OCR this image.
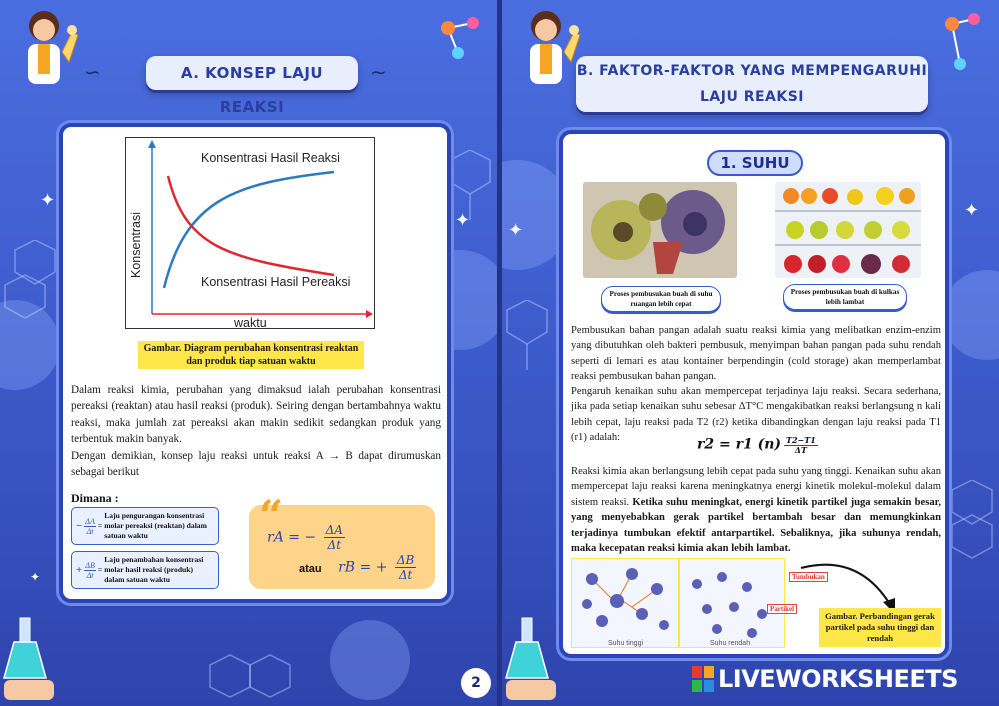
✦
✦
✦
∽	A. KONSEP LAJU REAKSI
∼
Konsentrasi Hasil Reaksi
Konsentrasi Hasil Pereaksi
Konsentrasi
waktu
Gambar. Diagram perubahan konsentrasi reaktan dan produk tiap satuan waktu
Dalam reaksi kimia, perubahan yang dimaksud ialah perubahan konsentrasi pereaksi (reaktan) atau hasil reaksi (produk). Seiring dengan bertambahnya waktu reaksi, maka jumlah zat pereaksi akan makin sedikit sedangkan produk yang terbentuk makin banyak.
Dengan demikian, konsep laju reaksi untuk reaksi A → B dapat dirumuskan sebagai berikut
Dimana :
− $\frac{\Delta A}{\Delta t}$ =
Laju pengurangan konsentrasi molar pereaksi (reaktan) dalam satuan waktu
+ $\frac{\Delta B}{\Delta t}$ =
Laju penambahan konsentrasi molar hasil reaksi (produk) dalam satuan waktu
“
rA = − $\frac{\Delta A}{\Delta t}$
atau rB = + $\frac{\Delta B}{\Delta t}$
2
✦
✦
B. FAKTOR-FAKTOR YANG MEMPENGARUHI
LAJU REAKSI
1. SUHU
Proses pembusukan buah di suhu ruangan lebih cepat
Proses pembusukan buah di kulkas lebih lambat
Pembusukan bahan pangan adalah suatu reaksi kimia yang melibatkan enzim-enzim yang dibutuhkan oleh bakteri pembusuk, menyimpan bahan pangan pada suhu rendah seperti di lemari es atau kontainer berpendingin (cold storage) akan memperlambat reaksi pembusukan bahan pangan.
Pengaruh kenaikan suhu akan mempercepat terjadinya laju reaksi. Secara sederhana, jika pada setiap kenaikan suhu sebesar ΔT°C mengakibatkan reaksi berlangsung n kali lebih cepat, laju reaksi pada T2 (r2) ketika dibandingkan dengan laju reaksi pada T1 (r1) adalah:	r2 = r1 $(n) \frac{T2-T1}{\Delta T}$
Reaksi kimia akan berlangsung lebih cepat pada suhu yang tinggi. Kenaikan suhu akan mempercepat laju reaksi karena meningkatnya energi kinetik molekul-molekul dalam sistem reaksi. Ketika suhu meningkat, energi kinetik partikel juga semakin besar, yang menyebabkan gerak partikel bertambah besar dan memungkinkan terjadinya tumbukan efektif antarpartikel. Sebaliknya, jika suhunya rendah, maka kecepatan reaksi kimia akan lebih lambat.
Suhu tinggi	Suhu rendah
Tumbukan
Partikel
Gambar. Perbandingan gerak partikel pada suhu tinggi dan rendah
LIVEWORKSHEETS
